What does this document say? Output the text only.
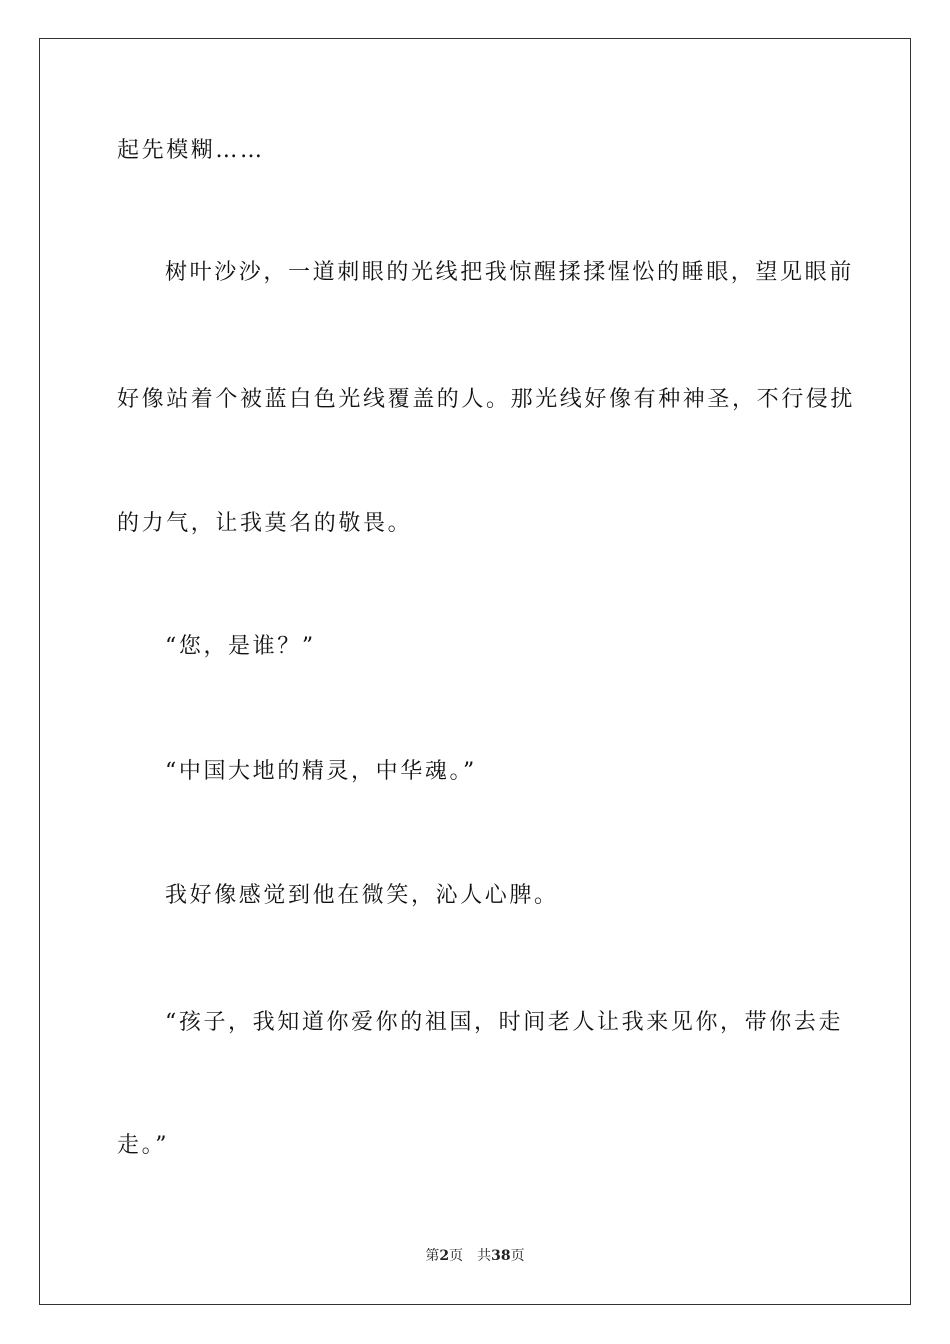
起先模糊……
树叶沙沙，一道刺眼的光线把我惊醒揉揉惺忪的睡眼，望见眼前
好像站着个被蓝白色光线覆盖的人。那光线好像有种神圣，不行侵扰
的力气，让我莫名的敬畏。
“您，是谁？”
“中国大地的精灵，中华魂。”
我好像感觉到他在微笑，沁人心脾。
“孩子，我知道你爱你的祖国，时间老人让我来见你，带你去走
走。”
第2页 共38页
